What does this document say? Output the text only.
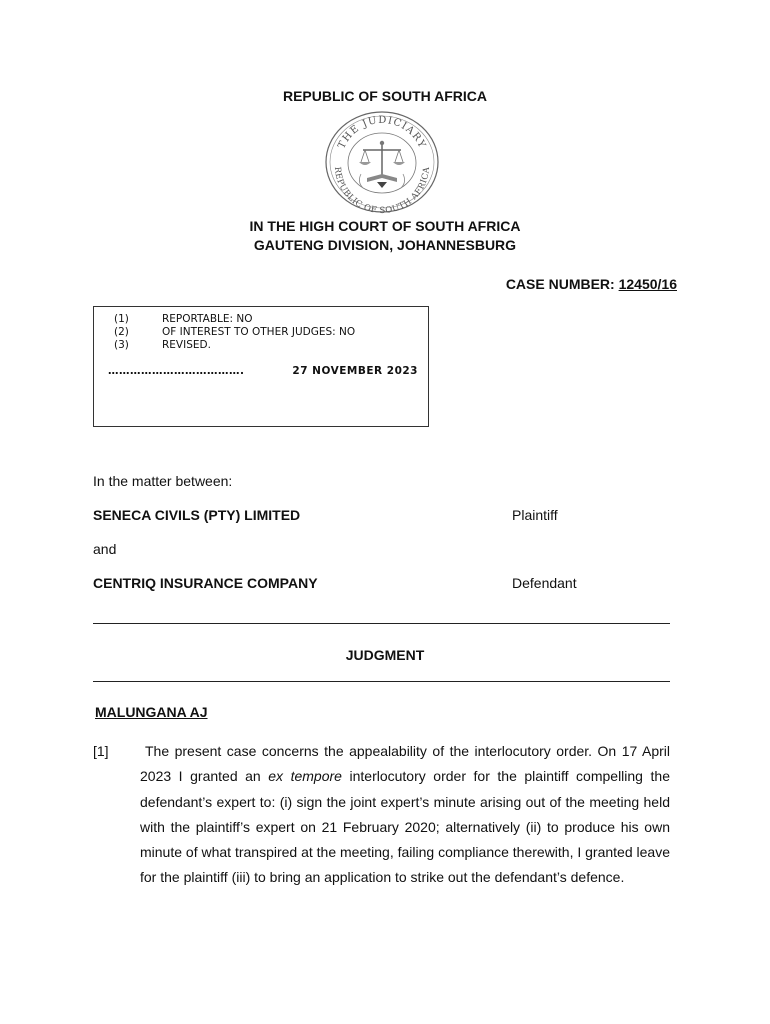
REPUBLIC OF SOUTH AFRICA
THE JUDICIARY
REPUBLIC OF SOUTH AFRICA
IN THE HIGH COURT OF SOUTH AFRICA
GAUTENG DIVISION, JOHANNESBURG
CASE NUMBER: 12450/16
(1)	REPORTABLE: NO
(2)	OF INTEREST TO OTHER JUDGES: NO
(3)	REVISED.
……………………………….	27 NOVEMBER 2023
In the matter between:
SENECA CIVILS (PTY) LIMITED	Plaintiff
and
CENTRIQ INSURANCE COMPANY	Defendant
JUDGMENT
MALUNGANA AJ
[1]	The present case concerns the appealability of the interlocutory order. On 17 April 2023 I granted an ex tempore interlocutory order for the plaintiff compelling the defendant’s expert to: (i) sign the joint expert’s minute arising out of the meeting held with the plaintiff’s expert on 21 February 2020; alternatively (ii) to produce his own minute of what transpired at the meeting, failing compliance therewith, I granted leave for the plaintiff (iii) to bring an application to strike out the defendant’s defence.
